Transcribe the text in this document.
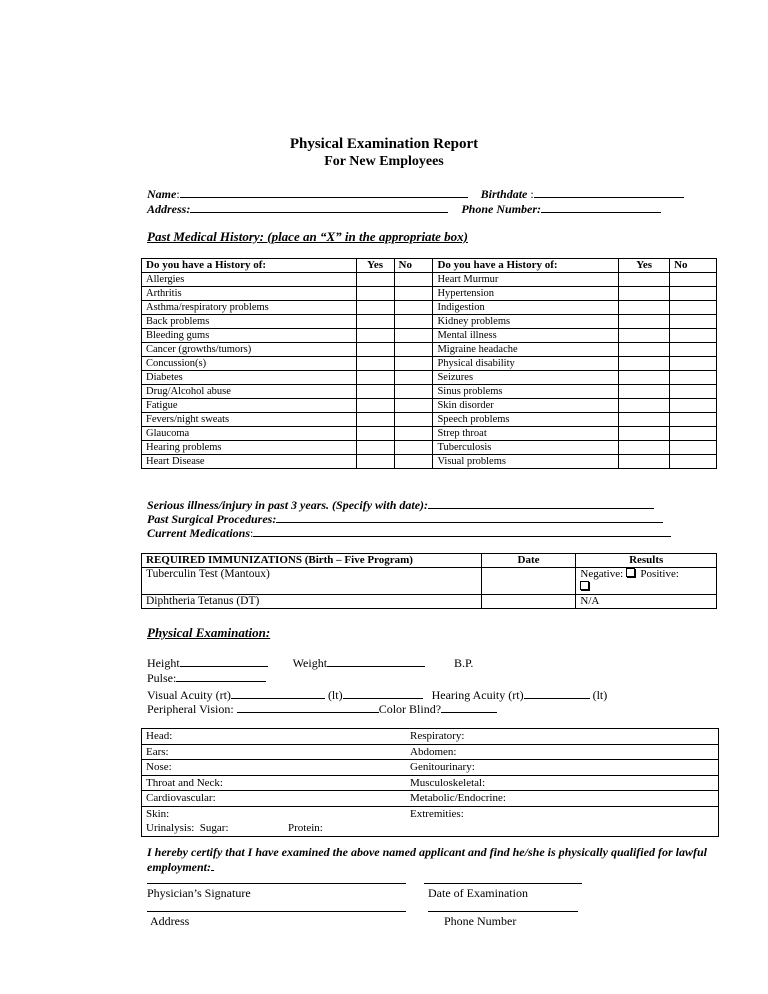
Physical Examination Report
For New Employees
Name:	Birthdate :
Address:	Phone Number:
Past Medical History: (place an “X” in the appropriate box)
Do you have a History of:	Yes	No	Do you have a History of:	Yes	No
Allergies			Heart Murmur		
Arthritis			Hypertension		
Asthma/respiratory problems			Indigestion		
Back problems			Kidney problems		
Bleeding gums			Mental illness		
Cancer (growths/tumors)			Migraine headache		
Concussion(s)			Physical disability		
Diabetes			Seizures		
Drug/Alcohol abuse			Sinus problems		
Fatigue			Skin disorder		
Fevers/night sweats			Speech problems		
Glaucoma			Strep throat		
Hearing problems			Tuberculosis		
Heart Disease			Visual problems		
Serious illness/injury in past 3 years. (Specify with date):
Past Surgical Procedures:
Current Medications:
REQUIRED IMMUNIZATIONS (Birth – Five Program)	Date	Results
Tuberculin Test (Mantoux)		Negative: Positive:

Diphtheria Tetanus (DT)		N/A
Physical Examination:
Height	Weight	B.P.
Pulse:
Visual Acuity (rt)	(lt)	Hearing Acuity (rt)	(lt)
Peripheral Vision:	Color Blind?
Head:	Respiratory:
Ears:	Abdomen:
Nose:	Genitourinary:
Throat and Neck:	Musculoskeletal:
Cardiovascular:	Metabolic/Endocrine:
Skin:	Extremities:
Urinalysis: Sugar:	Protein:
I hereby certify that I have examined the above named applicant and find he/she is physically qualified for lawful employment:
Physician’s Signature	Date of Examination
Address	Phone Number
